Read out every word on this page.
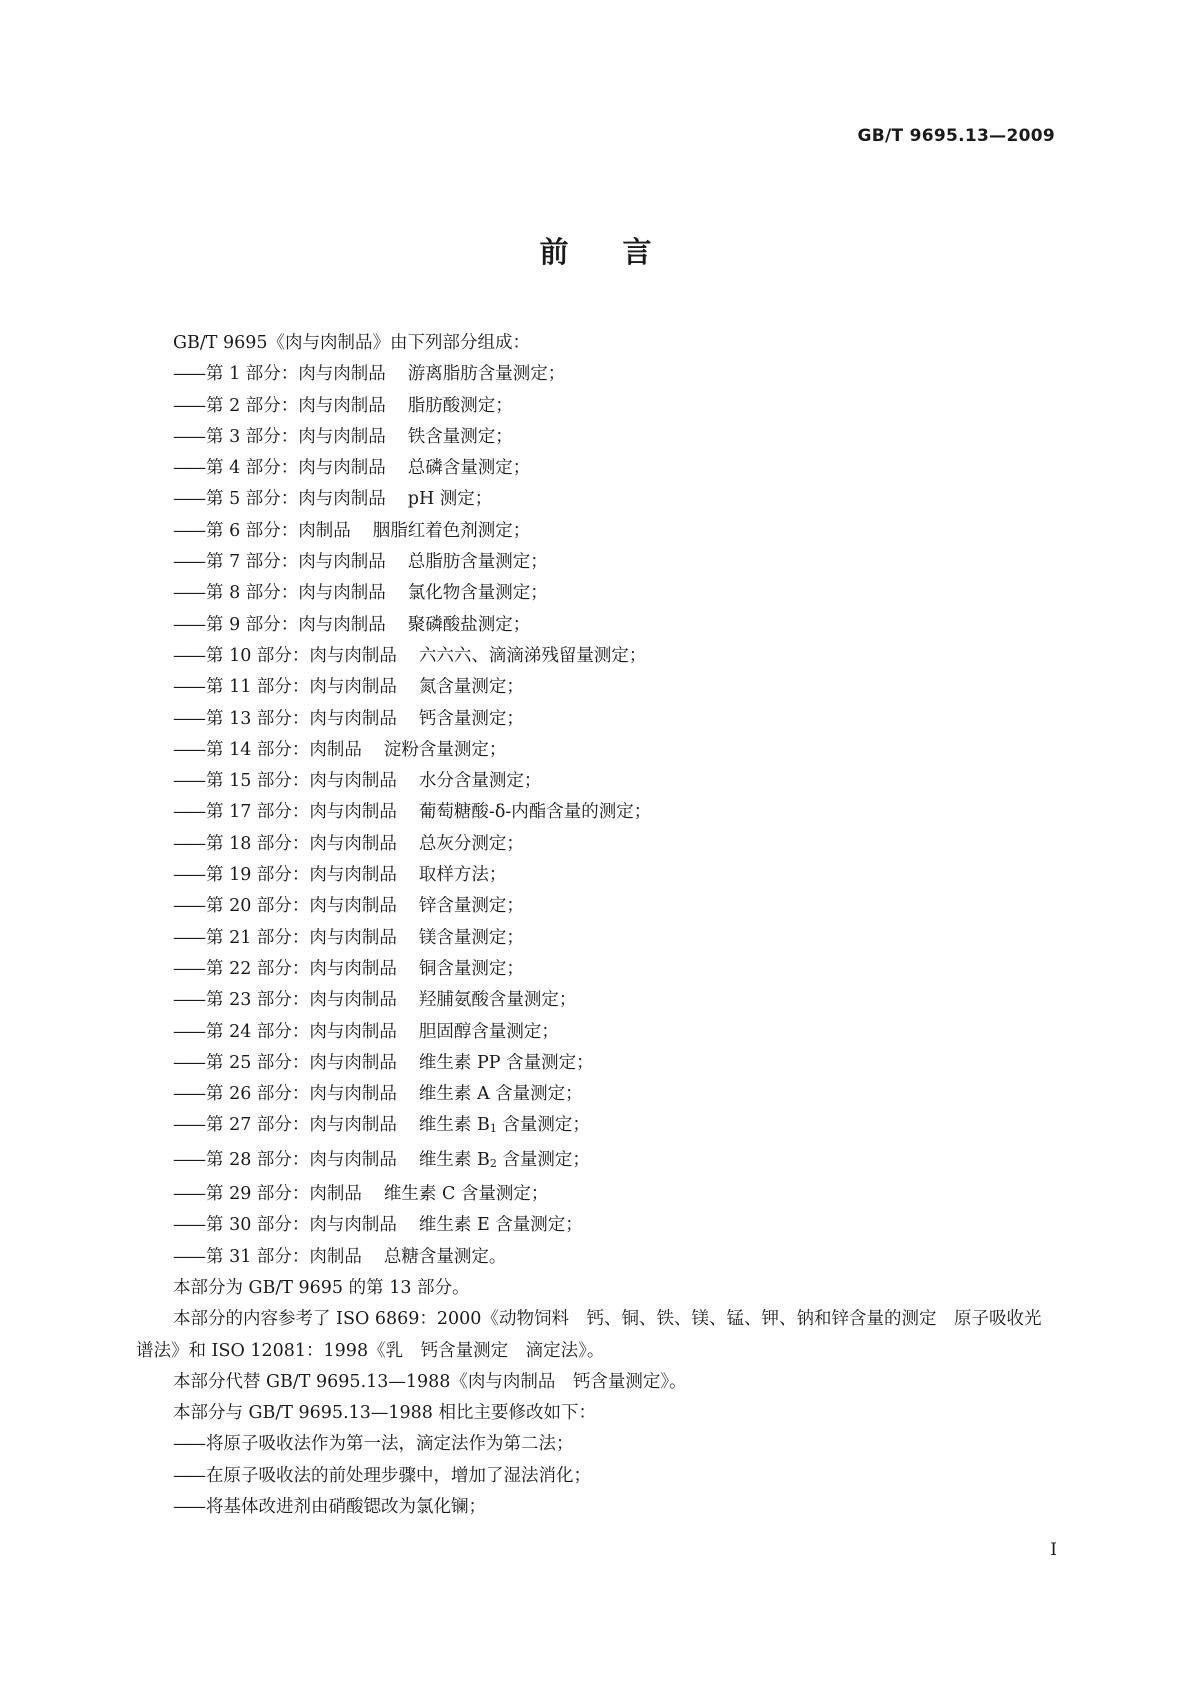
GB/T 9695.13—2009
前言
GB/T 9695《肉与肉制品》由下列部分组成：
—— 第 1 部分：肉与肉制品 游离脂肪含量测定；
—— 第 2 部分：肉与肉制品 脂肪酸测定；
—— 第 3 部分：肉与肉制品 铁含量测定；
—— 第 4 部分：肉与肉制品 总磷含量测定；
—— 第 5 部分：肉与肉制品 pH 测定；
—— 第 6 部分：肉制品 胭脂红着色剂测定；
—— 第 7 部分：肉与肉制品 总脂肪含量测定；
—— 第 8 部分：肉与肉制品 氯化物含量测定；
—— 第 9 部分：肉与肉制品 聚磷酸盐测定；
—— 第 10 部分：肉与肉制品 六六六、滴滴涕残留量测定；
—— 第 11 部分：肉与肉制品 氮含量测定；
—— 第 13 部分：肉与肉制品 钙含量测定；
—— 第 14 部分：肉制品 淀粉含量测定；
—— 第 15 部分：肉与肉制品 水分含量测定；
—— 第 17 部分：肉与肉制品 葡萄糖酸-δ-内酯含量的测定；
—— 第 18 部分：肉与肉制品 总灰分测定；
—— 第 19 部分：肉与肉制品 取样方法；
—— 第 20 部分：肉与肉制品 锌含量测定；
—— 第 21 部分：肉与肉制品 镁含量测定；
—— 第 22 部分：肉与肉制品 铜含量测定；
—— 第 23 部分：肉与肉制品 羟脯氨酸含量测定；
—— 第 24 部分：肉与肉制品 胆固醇含量测定；
—— 第 25 部分：肉与肉制品 维生素 PP 含量测定；
—— 第 26 部分：肉与肉制品 维生素 A 含量测定；
—— 第 27 部分：肉与肉制品 维生素 $B_1$ 含量测定；
—— 第 28 部分：肉与肉制品 维生素 $B_2$ 含量测定；
—— 第 29 部分：肉制品 维生素 C 含量测定；
—— 第 30 部分：肉与肉制品 维生素 E 含量测定；
—— 第 31 部分：肉制品 总糖含量测定。
本部分为 GB/T 9695 的第 13 部分。
本部分的内容参考了 ISO 6869：2000《动物饲料　钙、铜、铁、镁、锰、钾、钠和锌含量的测定　原子吸收光谱法》和 ISO 12081：1998《乳　钙含量测定　滴定法》。
本部分代替 GB/T 9695.13—1988《肉与肉制品　钙含量测定》。
本部分与 GB/T 9695.13—1988 相比主要修改如下：
—— 将原子吸收法作为第一法，滴定法作为第二法；
—— 在原子吸收法的前处理步骤中，增加了湿法消化；
—— 将基体改进剂由硝酸锶改为氯化镧；
I
